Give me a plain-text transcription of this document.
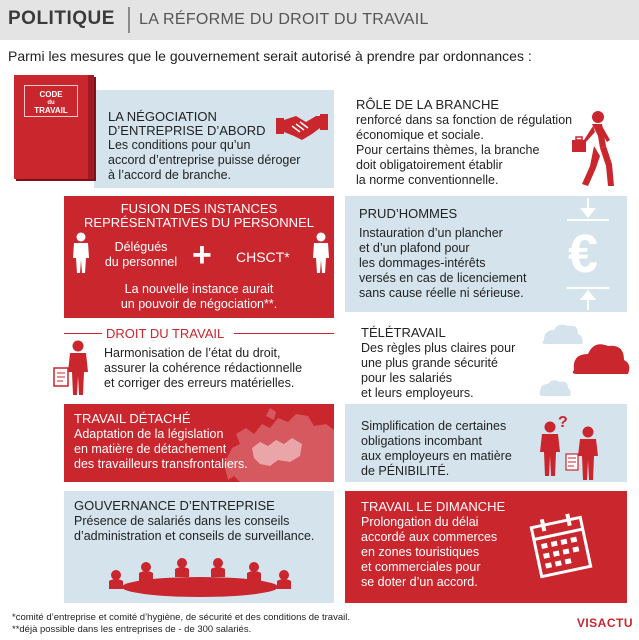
POLITIQUE LA RÉFORME DU DROIT DU TRAVAIL
Parmi les mesures que le gouvernement serait autorisé à prendre par ordonnances :
CODE
du
TRAVAIL	LA NÉGOCIATION
D’ENTREPRISE D’ABORD
Les conditions pour qu’un
accord d’entreprise puisse déroger
à l’accord de branche.
RÔLE DE LA BRANCHE
renforcé dans sa fonction de régulation
économique et sociale.
Pour certains thèmes, la branche
doit obligatoirement établir
la norme conventionnelle.
FUSION DES INSTANCES
REPRÉSENTATIVES DU PERSONNEL
Délégués
du personnel + CHSCT*
La nouvelle instance aurait
un pouvoir de négociation**.
PRUD’HOMMES
Instauration d’un plancher
et d’un plafond pour
les dommages-intérêts
versés en cas de licenciement
sans cause réelle ni sérieuse.
€
DROIT DU TRAVAIL
Harmonisation de l’état du droit,
assurer la cohérence rédactionnelle
et corriger des erreurs matérielles.
TÉLÉTRAVAIL
Des règles plus claires pour
une plus grande sécurité
pour les salariés
et leurs employeurs.
TRAVAIL DÉTACHÉ
Adaptation de la législation
en matière de détachement
des travailleurs transfrontaliers.
Simplification de certaines
obligations incombant
aux employeurs en matière
de PÉNIBILITÉ.
?
GOUVERNANCE D’ENTREPRISE
Présence de salariés dans les conseils
d’administration et conseils de surveillance.
TRAVAIL LE DIMANCHE
Prolongation du délai
accordé aux commerces
en zones touristiques
et commerciales pour
se doter d’un accord.
*comité d’entreprise et comité d’hygiène, de sécurité et des conditions de travail.
**déjà possible dans les entreprises de - de 300 salariés.	VISACTU
